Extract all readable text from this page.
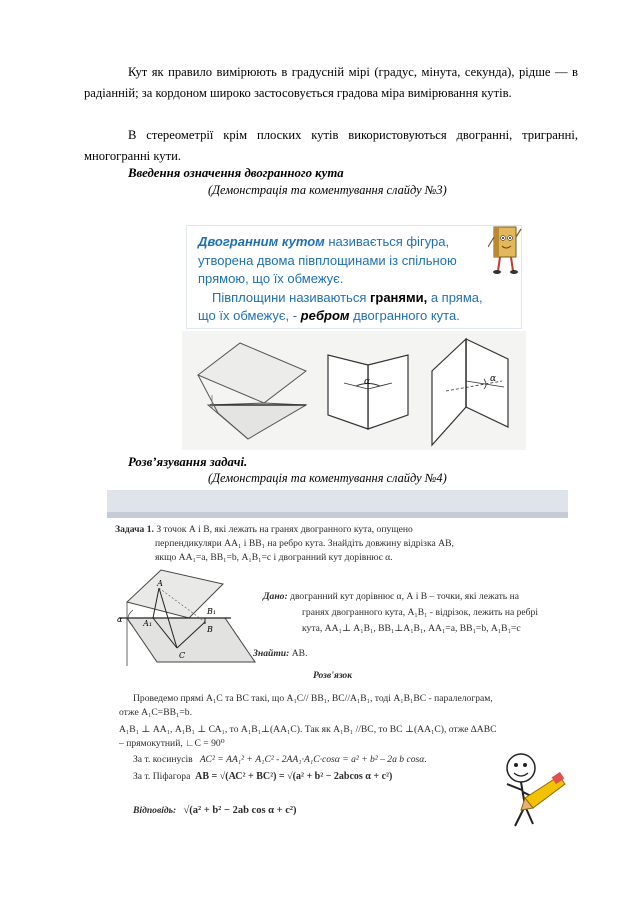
Кут як правило вимірюють в градусній мірі (градус, мінута, секунда), рідше — в радіанній; за кордоном широко застосовується градова міра вимірювання кутів.

В стереометрії крім плоских кутів використовуються двогранні, тригранні, многогранні кути.

Введення означення двогранного кута

(Демонстрація та коментування слайду №3)

Двогранним кутом називається фігура,
утворена двома півплощинами із спільною
прямою, що їх обмежує.
Півплощини називаються гранями, а пряма,
що їх обмежує, - ребром двогранного кута.
α	α

Розв’язування задачі.

(Демонстрація та коментування слайду №4)

Задача 1. З точок А і В, які лежать на гранях двогранного кута, опущено
перпендикуляри АА₁ і ВВ₁ на ребро кута. Знайдіть довжину відрізка АВ,
якщо АА₁=a, ВВ₁=b, А₁В₁=c і двогранний кут дорівнює α.
А
В
А₁
В₁
С
α
Дано: двогранний кут дорівнює α, А і В – точки, які лежать на
гранях двогранного кута, А₁В₁ - відрізок, лежить на ребрі
кута, АА₁⊥ А₁В₁, ВВ₁⊥А₁В₁, АА₁=a, ВВ₁=b, А₁В₁=c
Знайти: АВ.
Розв'язок
Проведемо прямі А₁С та ВС такі, що А₁С// ВВ₁, ВС//А₁В₁, тоді А₁В₁ВС - паралелограм,
отже А₁С=ВВ₁=b.
А₁В₁ ⊥ АА₁, А₁В₁ ⊥ СА₁, то А₁В₁⊥(АА₁С). Так як А₁В₁ //ВС, то ВС ⊥(АА₁С), отже ∆АВС
– прямокутний, ∟С = 90⁰
За т. косинусів АС² = АА₁² + А₁С² - 2АА₁·А₁С·cosα = a² + b² – 2a b cosα.
За т. Піфагора АВ = √(АС² + ВС²) = √(a² + b² − 2abcos α + c²)
Відповідь: √(a² + b² − 2ab cos α + c²)
